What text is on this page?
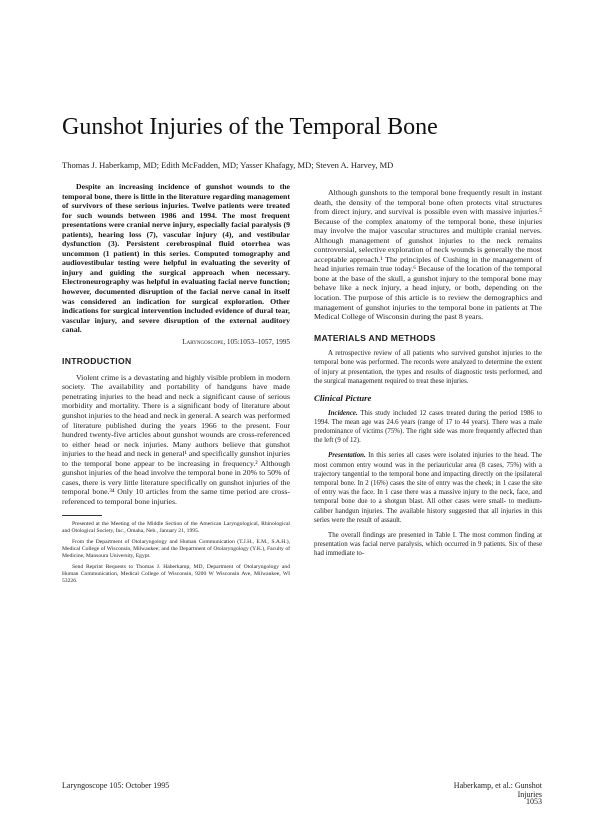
Gunshot Injuries of the Temporal Bone
Thomas J. Haberkamp, MD; Edith McFadden, MD; Yasser Khafagy, MD; Steven A. Harvey, MD

Despite an increasing incidence of gunshot wounds to the temporal bone, there is little in the literature regarding management of survivors of these serious injuries. Twelve patients were treated for such wounds between 1986 and 1994. The most frequent presentations were cranial nerve injury, especially facial paralysis (9 patients), hearing loss (7), vascular injury (4), and vestibular dysfunction (3). Persistent cerebrospinal fluid otorrhea was uncommon (1 patient) in this series. Computed tomography and audiovestibular testing were helpful in evaluating the severity of injury and guiding the surgical approach when necessary. Electroneurography was helpful in evaluating facial nerve function; however, documented disruption of the facial nerve canal in itself was considered an indication for surgical exploration. Other indications for surgical intervention included evidence of dural tear, vascular injury, and severe disruption of the external auditory canal.

Laryngoscope, 105:1053–1057, 1995
INTRODUCTION

Violent crime is a devastating and highly visible problem in modern society. The availability and portability of handguns have made penetrating injuries to the head and neck a significant cause of serious morbidity and mortality. There is a significant body of literature about gunshot injuries to the head and neck in general. A search was performed of literature published during the years 1966 to the present. Four hundred twenty-five articles about gunshot wounds are cross-referenced to either head or neck injuries. Many authors believe that gunshot injuries to the head and neck in general¹ and specifically gunshot injuries to the temporal bone appear to be increasing in frequency.² Although gunshot injuries of the head involve the temporal bone in 20% to 50% of cases, there is very little literature specifically on gunshot injuries of the temporal bone.³⁴ Only 10 articles from the same time period are cross-referenced to temporal bone injuries.

Presented at the Meeting of the Middle Section of the American Laryngological, Rhinological and Otological Society, Inc., Omaha, Neb., January 21, 1995.

From the Department of Otolaryngology and Human Communication (T.J.H., E.M., S.A.H.), Medical College of Wisconsin, Milwaukee; and the Department of Otolaryngology (Y.K.), Faculty of Medicine, Mansoura University, Egypt.

Send Reprint Requests to Thomas J. Haberkamp, MD, Department of Otolaryngology and Human Communication, Medical College of Wisconsin, 9200 W Wisconsin Ave, Milwaukee, WI 53226.

Although gunshots to the temporal bone frequently result in instant death, the density of the temporal bone often protects vital structures from direct injury, and survival is possible even with massive injuries.⁵ Because of the complex anatomy of the temporal bone, these injuries may involve the major vascular structures and multiple cranial nerves. Although management of gunshot injuries to the neck remains controversial, selective exploration of neck wounds is generally the most acceptable approach.¹ The principles of Cushing in the management of head injuries remain true today.⁶ Because of the location of the temporal bone at the base of the skull, a gunshot injury to the temporal bone may behave like a neck injury, a head injury, or both, depending on the location. The purpose of this article is to review the demographics and management of gunshot injuries to the temporal bone in patients at The Medical College of Wisconsin during the past 8 years.

MATERIALS AND METHODS

A retrospective review of all patients who survived gunshot injuries to the temporal bone was performed. The records were analyzed to determine the extent of injury at presentation, the types and results of diagnostic tests performed, and the surgical management required to treat these injuries.

Clinical Picture

Incidence. This study included 12 cases treated during the period 1986 to 1994. The mean age was 24.6 years (range of 17 to 44 years). There was a male predominance of victims (75%). The right side was more frequently affected than the left (9 of 12).

Presentation. In this series all cases were isolated injuries to the head. The most common entry wound was in the periauricular area (8 cases, 75%) with a trajectory tangential to the temporal bone and impacting directly on the ipsilateral temporal bone. In 2 (16%) cases the site of entry was the cheek; in 1 case the site of entry was the face. In 1 case there was a massive injury to the neck, face, and temporal bone due to a shotgun blast. All other cases were small- to medium-caliber handgun injuries. The available history suggested that all injuries in this series were the result of assault.

The overall findings are presented in Table I. The most common finding at presentation was facial nerve paralysis, which occurred in 9 patients. Six of these had immediate to-

Laryngoscope 105: October 1995	Haberkamp, et al.: Gunshot Injuries
1053
